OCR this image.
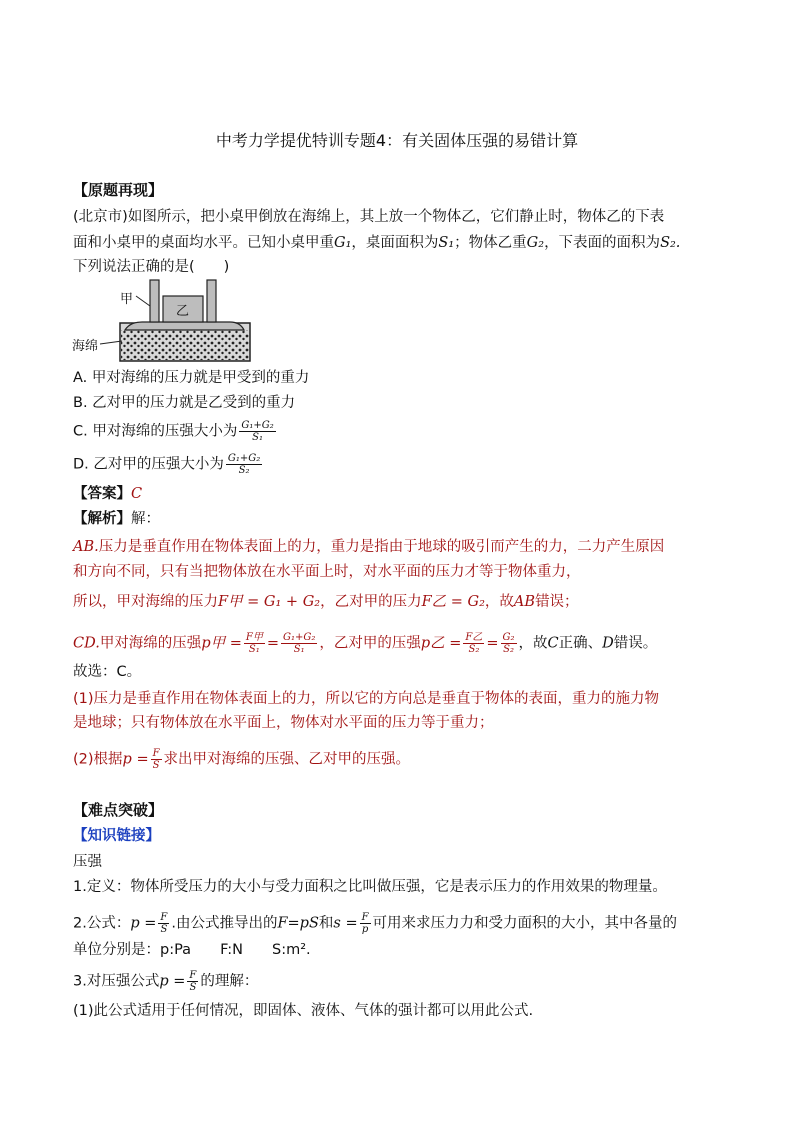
中考力学提优特训专题4：有关固体压强的易错计算
【原题再现】
(北京市)如图所示，把小桌甲倒放在海绵上，其上放一个物体乙，它们静止时，物体乙的下表
面和小桌甲的桌面均水平。已知小桌甲重G₁，桌面面积为S₁；物体乙重G₂，下表面的面积为S₂.
下列说法正确的是(　　)
甲
乙
海绵
A. 甲对海绵的压力就是甲受到的重力
B. 乙对甲的压力就是乙受到的重力
C. 甲对海绵的压强大小为 $\frac{\text{G₁+G₂}}{\text{S₁}}$
D. 乙对甲的压强大小为 $\frac{\text{G₁+G₂}}{\text{S₂}}$
【答案】C
【解析】解：
AB.压力是垂直作用在物体表面上的力，重力是指由于地球的吸引而产生的力，二力产生原因
和方向不同，只有当把物体放在水平面上时，对水平面的压力才等于物体重力，
所以，甲对海绵的压力F甲 = G₁ + G₂，乙对甲的压力F乙 = G₂，故AB错误；
CD.甲对海绵的压强p甲 = $\frac{\text{F甲}}{\text{S₁}} = \frac{\text{G₁+G₂}}{\text{S₁}}$ ，乙对甲的压强p乙 = $\frac{\text{F乙}}{\text{S₂}} = \frac{\text{G₂}}{\text{S₂}}$ ，故C正确、D错误。
故选：C。
(1)压力是垂直作用在物体表面上的力，所以它的方向总是垂直于物体的表面，重力的施力物
是地球；只有物体放在水平面上，物体对水平面的压力等于重力；
(2)根据$p = \frac{F}{S}$ 求出甲对海绵的压强、乙对甲的压强。
【难点突破】
【知识链接】
压强
1.定义：物体所受压力的大小与受力面积之比叫做压强，它是表示压力的作用效果的物理量。
2.公式：$p = \frac{F}{S}$ .由公式推导出的F=pS和$s = \frac{F}{p}$ 可用来求压力力和受力面积的大小，其中各量的
单位分别是：p:Pa　　F:N　　S:m².
3.对压强公式$p = \frac{F}{S}$ 的理解：
(1)此公式适用于任何情况，即固体、液体、气体的强计都可以用此公式.
